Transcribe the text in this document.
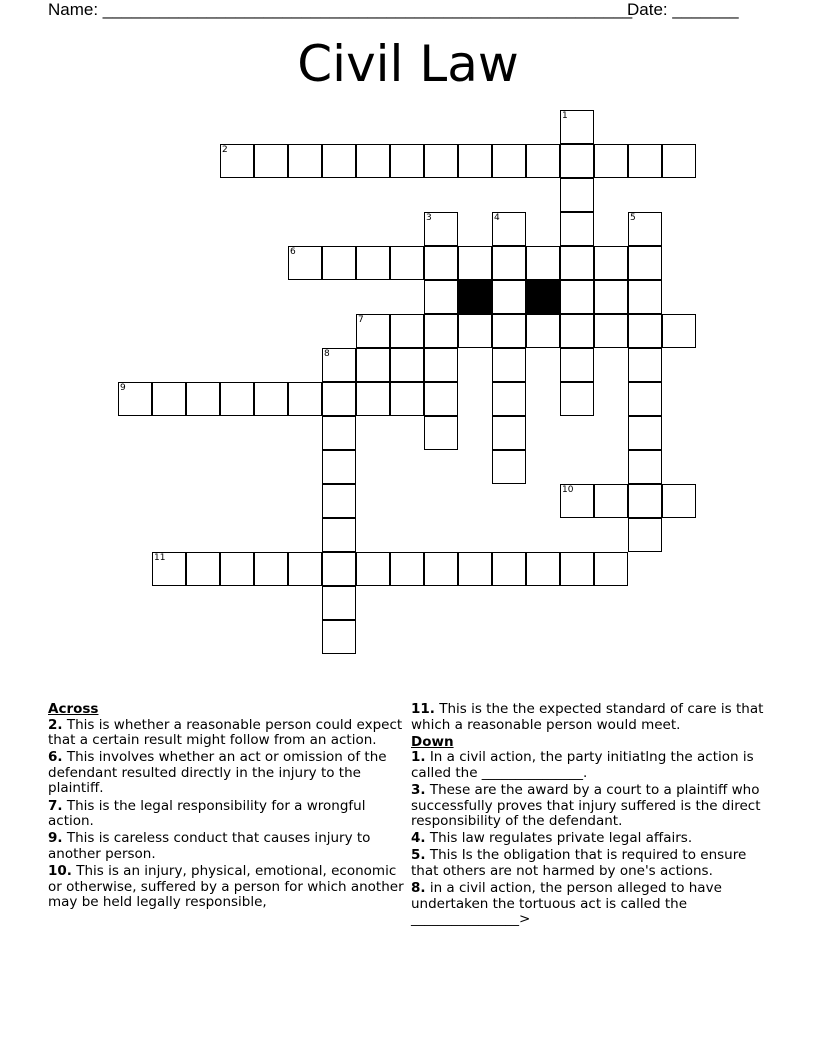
Name: ________________________________________________________
Date: _______
Civil Law
1
2
3	4	5
6
7
8
9
10
11
Across
2. This is whether a reasonable person could expect that a certain result might follow from an action.
6. This involves whether an act or omission of the defendant resulted directly in the injury to the plaintiff.
7. This is the legal responsibility for a wrongful action.
9. This is careless conduct that causes injury to another person.
10. This is an injury, physical, emotional, economic or otherwise, suffered by a person for which another may be held legally responsible,
11. This is the the expected standard of care is that which a reasonable person would meet.
Down
1. In a civil action, the party initiatlng the action is called the _______________.
3. These are the award by a court to a plaintiff who successfully proves that injury suffered is the direct responsibility of the defendant.
4. This law regulates private legal affairs.
5. This Is the obligation that is required to ensure that others are not harmed by one's actions.
8. in a civil action, the person alleged to have undertaken the tortuous act is called the ________________>
